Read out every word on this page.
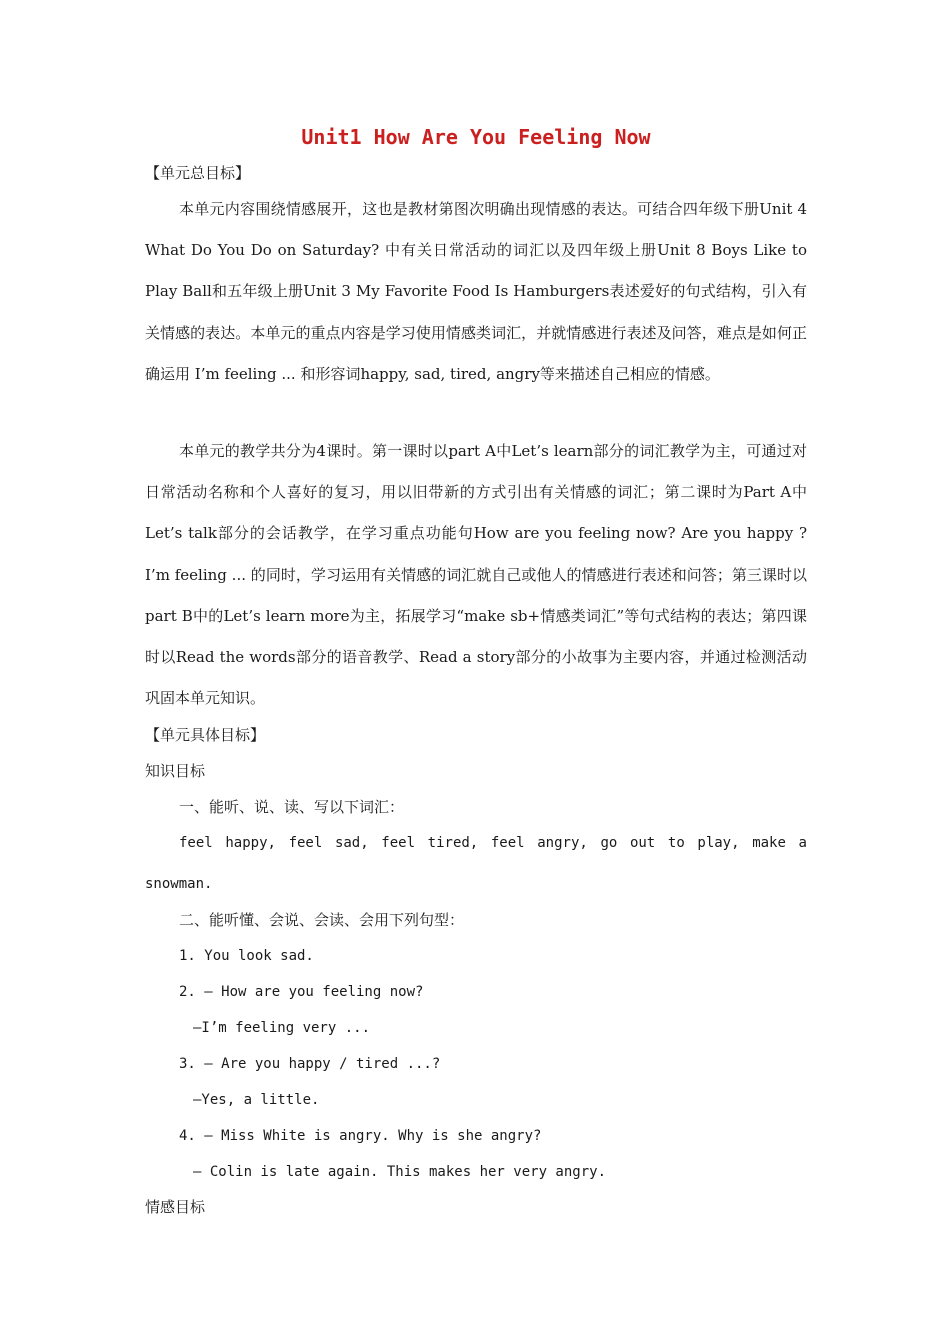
Unit1 How Are You Feeling Now
【单元总目标】

本单元内容围绕情感展开，这也是教材第图次明确出现情感的表达。可结合四年级下册Unit 4 What Do You Do on Saturday? 中有关日常活动的词汇以及四年级上册Unit 8 Boys Like to Play Ball和五年级上册Unit 3 My Favorite Food Is Hamburgers表述爱好的句式结构，引入有关情感的表达。本单元的重点内容是学习使用情感类词汇，并就情感进行表述及问答，难点是如何正确运用 I’m feeling ... 和形容词happy, sad, tired, angry等来描述自己相应的情感。

本单元的教学共分为4课时。第一课时以part A中Let’s learn部分的词汇教学为主，可通过对日常活动名称和个人喜好的复习，用以旧带新的方式引出有关情感的词汇；第二课时为Part A中Let’s talk部分的会话教学，在学习重点功能句How are you feeling now? Are you happy ? I’m feeling ... 的同时，学习运用有关情感的词汇就自己或他人的情感进行表述和问答；第三课时以part B中的Let’s learn more为主，拓展学习“make sb+情感类词汇”等句式结构的表达；第四课时以Read the words部分的语音教学、Read a story部分的小故事为主要内容，并通过检测活动巩固本单元知识。

【单元具体目标】
知识目标
一、能听、说、读、写以下词汇：
feel happy, feel sad, feel tired, feel angry, go out to play, make a
snowman.
二、能听懂、会说、会读、会用下列句型：
1. You look sad.
2. — How are you feeling now?
—I’m feeling very ...
3. — Are you happy / tired ...?
—Yes, a little.
4. — Miss White is angry. Why is she angry?
— Colin is late again. This makes her very angry.
情感目标
